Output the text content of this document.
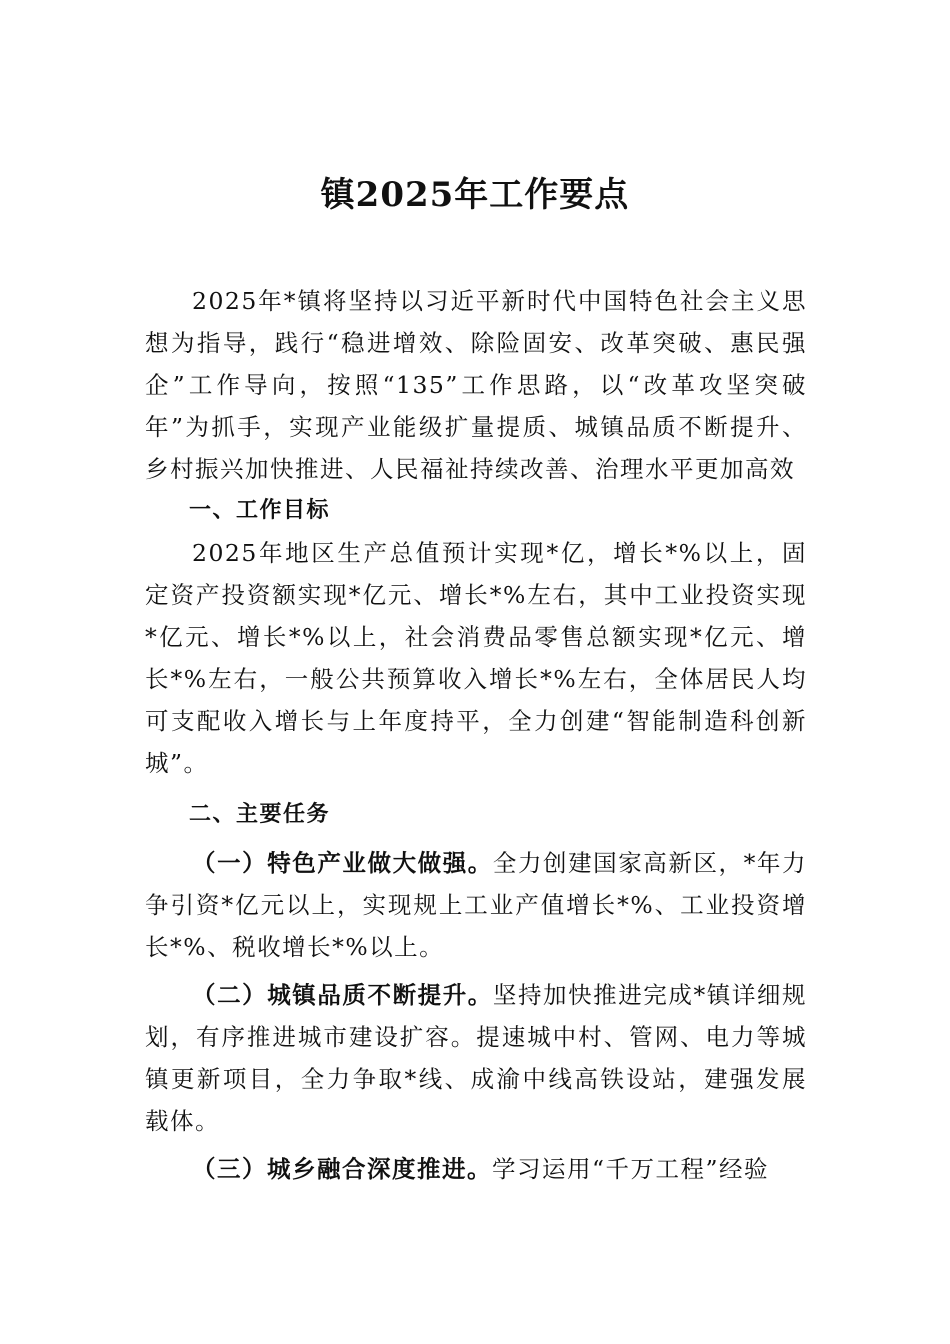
镇2025年工作要点

2025年*镇将坚持以习近平新时代中国特色社会主义思想为指导，践行“稳进增效、除险固安、改革突破、惠民强企”工作导向，按照“135”工作思路，以“改革攻坚突破年”为抓手，实现产业能级扩量提质、城镇品质不断提升、乡村振兴加快推进、人民福祉持续改善、治理水平更加高效

一、工作目标

2025年地区生产总值预计实现*亿，增长*%以上，固定资产投资额实现*亿元、增长*%左右，其中工业投资实现*亿元、增长*%以上，社会消费品零售总额实现*亿元、增长*%左右，一般公共预算收入增长*%左右，全体居民人均可支配收入增长与上年度持平，全力创建“智能制造科创新城”。

二、主要任务

（一）特色产业做大做强。全力创建国家高新区，*年力争引资*亿元以上，实现规上工业产值增长*%、工业投资增长*%、税收增长*%以上。

（二）城镇品质不断提升。坚持加快推进完成*镇详细规划，有序推进城市建设扩容。提速城中村、管网、电力等城镇更新项目，全力争取*线、成渝中线高铁设站，建强发展载体。

（三）城乡融合深度推进。学习运用“千万工程”经验
